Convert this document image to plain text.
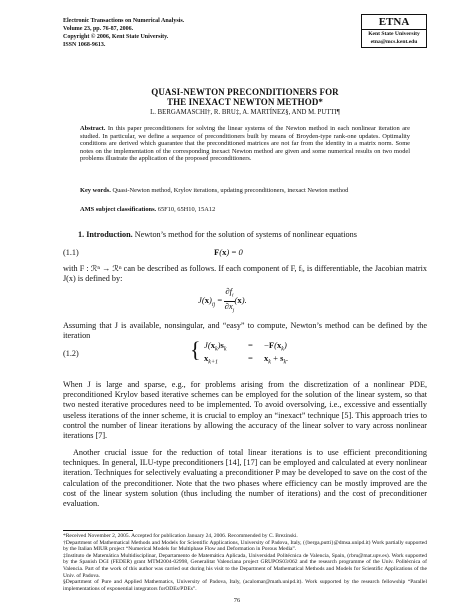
Electronic Transactions on Numerical Analysis.
Volume 23, pp. 76-87, 2006.
Copyright © 2006, Kent State University.
ISSN 1068-9613.
ETNA
Kent State University
etna@mcs.kent.edu
QUASI-NEWTON PRECONDITIONERS FOR
THE INEXACT NEWTON METHOD*
L. BERGAMASCHI†, R. BRU‡, A. MARTÍNEZ§, AND M. PUTTI¶
Abstract. In this paper preconditioners for solving the linear systems of the Newton method in each nonlinear iteration are studied. In particular, we define a sequence of preconditioners built by means of Broyden-type rank-one updates. Optimality conditions are derived which guarantee that the preconditioned matrices are not far from the identity in a matrix norm. Some notes on the implementation of the corresponding inexact Newton method are given and some numerical results on two model problems illustrate the application of the proposed preconditioners.
Key words. Quasi-Newton method, Krylov iterations, updating preconditioners, inexact Newton method
AMS subject classifications. 65F10, 65H10, 15A12
1. Introduction. Newton’s method for the solution of systems of nonlinear equations
(1.1)	F(x) = 0
with F : ℛⁿ → ℛⁿ can be described as follows. If each component of F, fᵢ, is differentiable, the Jacobian matrix J(x) is defined by:
$J(x)_{ij} = \frac{\partial f_i}{\partial x_j} (x)$.
Assuming that J is available, nonsingular, and “easy” to compute, Newton’s method can be defined by the iteration
(1.2)	{ $J(x_k)s_k = -F(x_k)$
$x_{k+1}$	= $x_k + s_k$.
When J is large and sparse, e.g., for problems arising from the discretization of a nonlinear PDE, preconditioned Krylov based iterative schemes can be employed for the solution of the linear system, so that two nested iterative procedures need to be implemented. To avoid oversolving, i.e., excessive and essentially useless iterations of the inner scheme, it is crucial to employ an “inexact” technique [5]. This approach tries to control the number of linear iterations by allowing the accuracy of the linear solver to vary across nonlinear iterations [7].
Another crucial issue for the reduction of total linear iterations is to use efficient preconditioning techniques. In general, ILU-type preconditioners [14], [17] can be employed and calculated at every nonlinear iteration. Techniques for selectively evaluating a preconditioner P may be developed to save on the cost of the calculation of the preconditioner. Note that the two phases where efficiency can be mostly improved are the cost of the linear system solution (thus including the number of iterations) and the cost of preconditioner evaluation.
*Received November 2, 2005. Accepted for publication January 24, 2006. Recommended by C. Brezinski.
†Department of Mathematical Methods and Models for Scientific Applications, University of Padova, Italy, ({berga,putti}@dmsa.unipd.it) Work partially supported by the Italian MIUR project “Numerical Models for Multiphase Flow and Deformation in Porous Media”.
‡Instituto de Matemática Multidisciplinar, Departamento de Matemática Aplicada, Universidad Politécnica de Valencia, Spain, (rbru@mat.upv.es). Work supported by the Spanish DGI (FEDER) grant MTM2004-02998, Generalitat Valenciana project GRUPOS03/062 and the research programme of the Univ. Politècnica of Valencia. Part of the work of this author was carried out during his visit to the Department of Mathematical Methods and Models for Scientific Applications of the Univ. of Padova.
§Department of Pure and Applied Mathematics, University of Padova, Italy, (acalomar@math.unipd.it). Work supported by the research fellowship “Parallel implementations of exponential integrators forODEs/PDEs”.
76
